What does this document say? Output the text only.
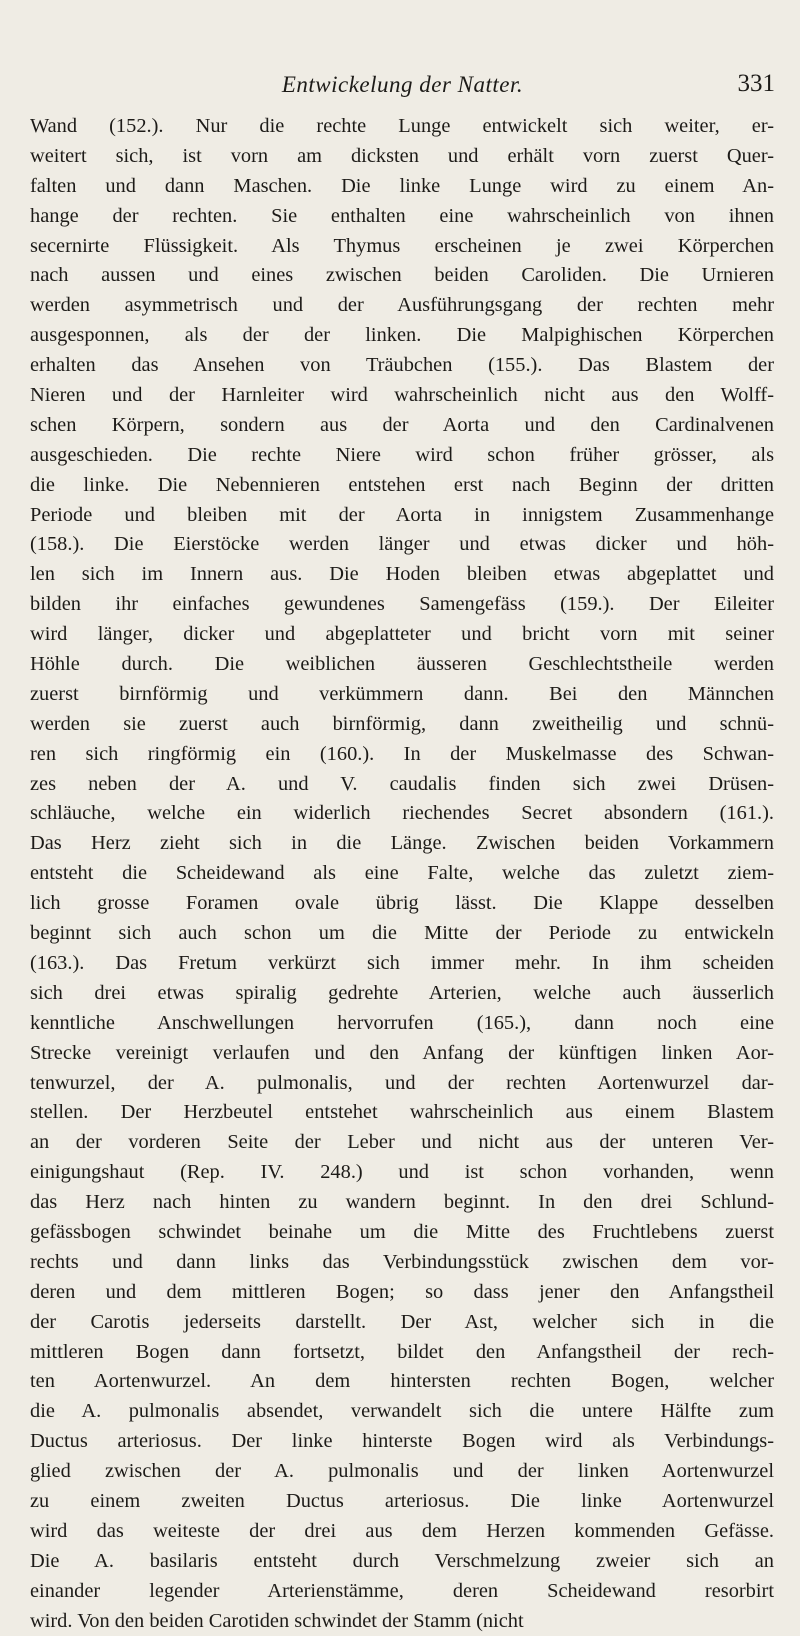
Entwickelung der Natter.	331
Wand (152.). Nur die rechte Lunge entwickelt sich weiter, er-
weitert sich, ist vorn am dicksten und erhält vorn zuerst Quer-
falten und dann Maschen. Die linke Lunge wird zu einem An-
hange der rechten. Sie enthalten eine wahrscheinlich von ihnen
secernirte Flüssigkeit. Als Thymus erscheinen je zwei Körperchen
nach aussen und eines zwischen beiden Caroliden. Die Urnieren
werden asymmetrisch und der Ausführungsgang der rechten mehr
ausgesponnen, als der der linken. Die Malpighischen Körperchen
erhalten das Ansehen von Träubchen (155.). Das Blastem der
Nieren und der Harnleiter wird wahrscheinlich nicht aus den Wolff-
schen Körpern, sondern aus der Aorta und den Cardinalvenen
ausgeschieden. Die rechte Niere wird schon früher grösser, als
die linke. Die Nebennieren entstehen erst nach Beginn der dritten
Periode und bleiben mit der Aorta in innigstem Zusammenhange
(158.). Die Eierstöcke werden länger und etwas dicker und höh-
len sich im Innern aus. Die Hoden bleiben etwas abgeplattet und
bilden ihr einfaches gewundenes Samengefäss (159.). Der Eileiter
wird länger, dicker und abgeplatteter und bricht vorn mit seiner
Höhle durch. Die weiblichen äusseren Geschlechtstheile werden
zuerst birnförmig und verkümmern dann. Bei den Männchen
werden sie zuerst auch birnförmig, dann zweitheilig und schnü-
ren sich ringförmig ein (160.). In der Muskelmasse des Schwan-
zes neben der A. und V. caudalis finden sich zwei Drüsen-
schläuche, welche ein widerlich riechendes Secret absondern (161.).
Das Herz zieht sich in die Länge. Zwischen beiden Vorkammern
entsteht die Scheidewand als eine Falte, welche das zuletzt ziem-
lich grosse Foramen ovale übrig lässt. Die Klappe desselben
beginnt sich auch schon um die Mitte der Periode zu entwickeln
(163.). Das Fretum verkürzt sich immer mehr. In ihm scheiden
sich drei etwas spiralig gedrehte Arterien, welche auch äusserlich
kenntliche Anschwellungen hervorrufen (165.), dann noch eine
Strecke vereinigt verlaufen und den Anfang der künftigen linken Aor-
tenwurzel, der A. pulmonalis, und der rechten Aortenwurzel dar-
stellen. Der Herzbeutel entstehet wahrscheinlich aus einem Blastem
an der vorderen Seite der Leber und nicht aus der unteren Ver-
einigungshaut (Rep. IV. 248.) und ist schon vorhanden, wenn
das Herz nach hinten zu wandern beginnt. In den drei Schlund-
gefässbogen schwindet beinahe um die Mitte des Fruchtlebens zuerst
rechts und dann links das Verbindungsstück zwischen dem vor-
deren und dem mittleren Bogen; so dass jener den Anfangstheil
der Carotis jederseits darstellt. Der Ast, welcher sich in die
mittleren Bogen dann fortsetzt, bildet den Anfangstheil der rech-
ten Aortenwurzel. An dem hintersten rechten Bogen, welcher
die A. pulmonalis absendet, verwandelt sich die untere Hälfte zum
Ductus arteriosus. Der linke hinterste Bogen wird als Verbindungs-
glied zwischen der A. pulmonalis und der linken Aortenwurzel
zu einem zweiten Ductus arteriosus. Die linke Aortenwurzel
wird das weiteste der drei aus dem Herzen kommenden Gefässe.
Die A. basilaris entsteht durch Verschmelzung zweier sich an
einander legender Arterienstämme, deren Scheidewand resorbirt
wird. Von den beiden Carotiden schwindet der Stamm (nicht
